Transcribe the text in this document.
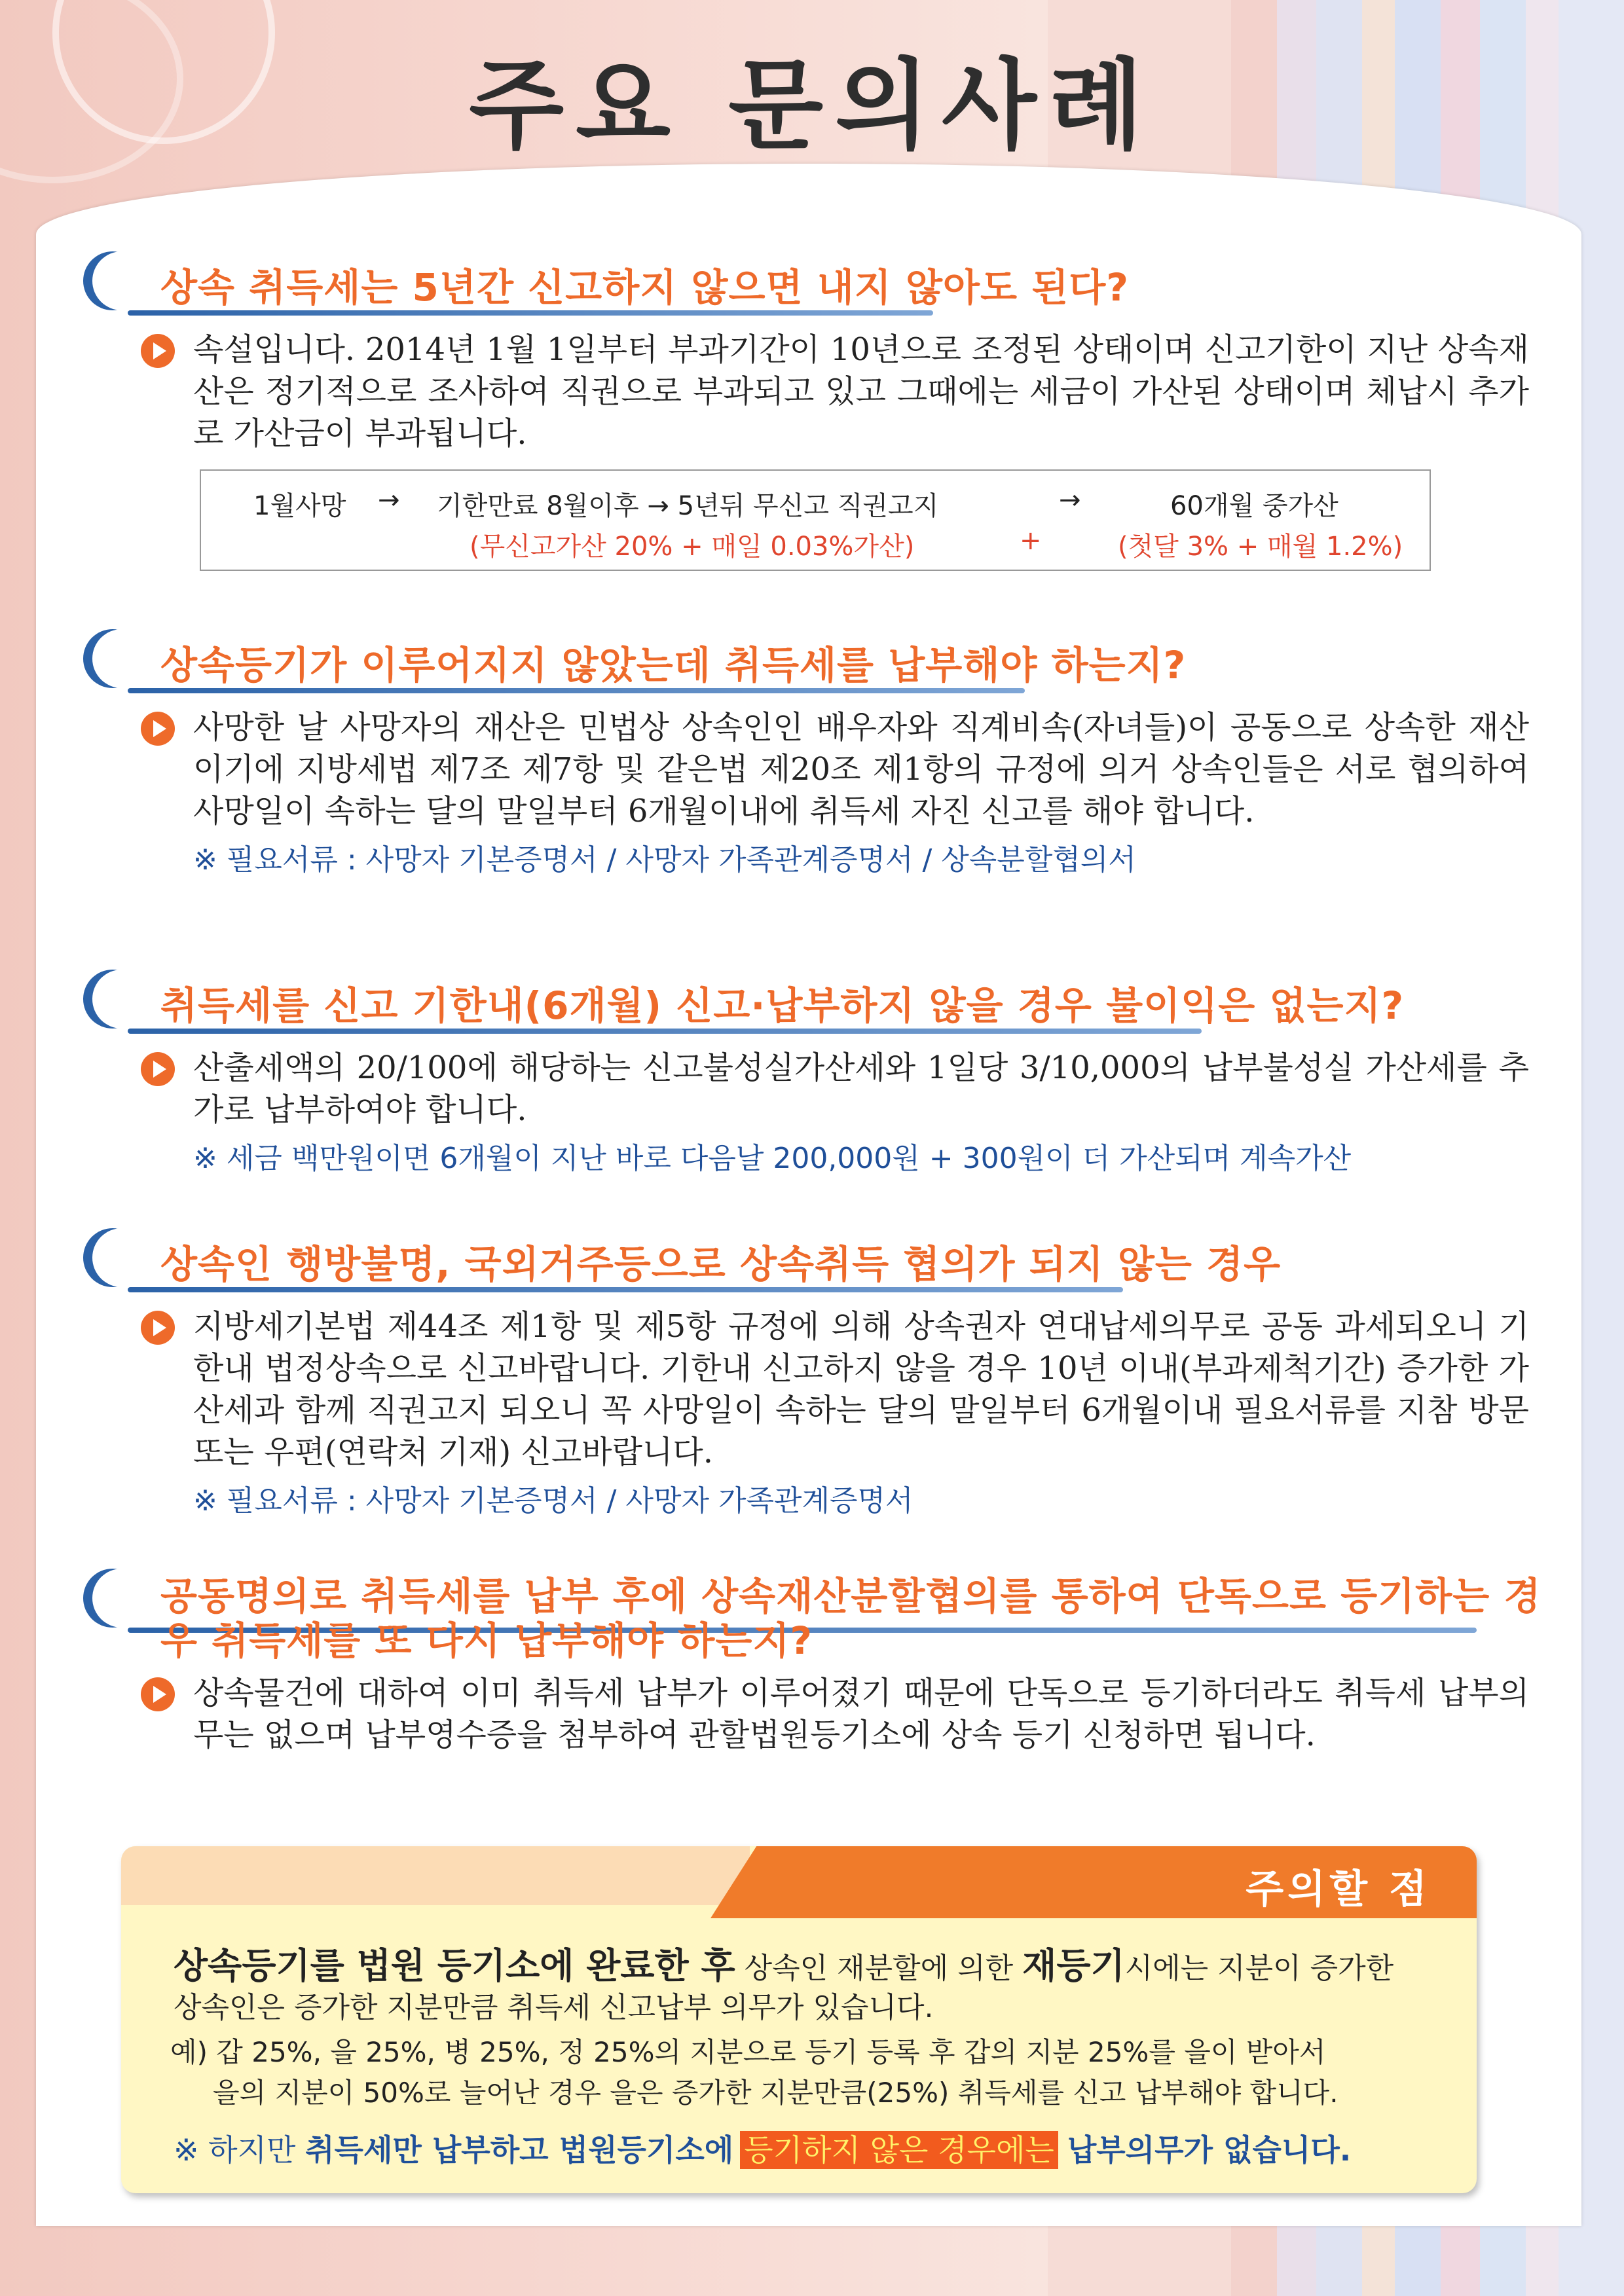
주요 문의사례
상속 취득세는 5년간 신고하지 않으면 내지 않아도 된다?
속설입니다. 2014년 1월 1일부터 부과기간이 10년으로 조정된 상태이며 신고기한이 지난 상속재산은 정기적으로 조사하여 직권으로 부과되고 있고 그때에는 세금이 가산된 상태이며 체납시 추가로 가산금이 부과됩니다.
1월사망 → 기한만료 8월이후 → 5년뒤 무신고 직권고지	→	60개월 중가산
(무신고가산 20% + 매일 0.03%가산)	+	(첫달 3% + 매월 1.2%)
상속등기가 이루어지지 않았는데 취득세를 납부해야 하는지?
사망한 날 사망자의 재산은 민법상 상속인인 배우자와 직계비속(자녀들)이 공동으로 상속한 재산이기에 지방세법 제7조 제7항 및 같은법 제20조 제1항의 규정에 의거 상속인들은 서로 협의하여 사망일이 속하는 달의 말일부터 6개월이내에 취득세 자진 신고를 해야 합니다.
※ 필요서류 : 사망자 기본증명서 / 사망자 가족관계증명서 / 상속분할협의서
취득세를 신고 기한내(6개월) 신고·납부하지 않을 경우 불이익은 없는지?
산출세액의 20/100에 해당하는 신고불성실가산세와 1일당 3/10,000의 납부불성실 가산세를 추가로 납부하여야 합니다.
※ 세금 백만원이면 6개월이 지난 바로 다음날 200,000원 + 300원이 더 가산되며 계속가산
상속인 행방불명, 국외거주등으로 상속취득 협의가 되지 않는 경우
지방세기본법 제44조 제1항 및 제5항 규정에 의해 상속권자 연대납세의무로 공동 과세되오니 기한내 법정상속으로 신고바랍니다. 기한내 신고하지 않을 경우 10년 이내(부과제척기간) 증가한 가산세과 함께 직권고지 되오니 꼭 사망일이 속하는 달의 말일부터 6개월이내 필요서류를 지참 방문 또는 우편(연락처 기재) 신고바랍니다.
※ 필요서류 : 사망자 기본증명서 / 사망자 가족관계증명서
공동명의로 취득세를 납부 후에 상속재산분할협의를 통하여 단독으로 등기하는 경우 취득세를 또 다시 납부해야 하는지?
상속물건에 대하여 이미 취득세 납부가 이루어졌기 때문에 단독으로 등기하더라도 취득세 납부의무는 없으며 납부영수증을 첨부하여 관할법원등기소에 상속 등기 신청하면 됩니다.
주의할 점
상속등기를 법원 등기소에 완료한 후 상속인 재분할에 의한 재등기시에는 지분이 증가한
상속인은 증가한 지분만큼 취득세 신고납부 의무가 있습니다.
예) 갑 25%, 을 25%, 병 25%, 정 25%의 지분으로 등기 등록 후 갑의 지분 25%를 을이 받아서
을의 지분이 50%로 늘어난 경우 을은 증가한 지분만큼(25%) 취득세를 신고 납부해야 합니다.
※ 하지만 취득세만 납부하고 법원등기소에 등기하지 않은 경우에는 납부의무가 없습니다.
